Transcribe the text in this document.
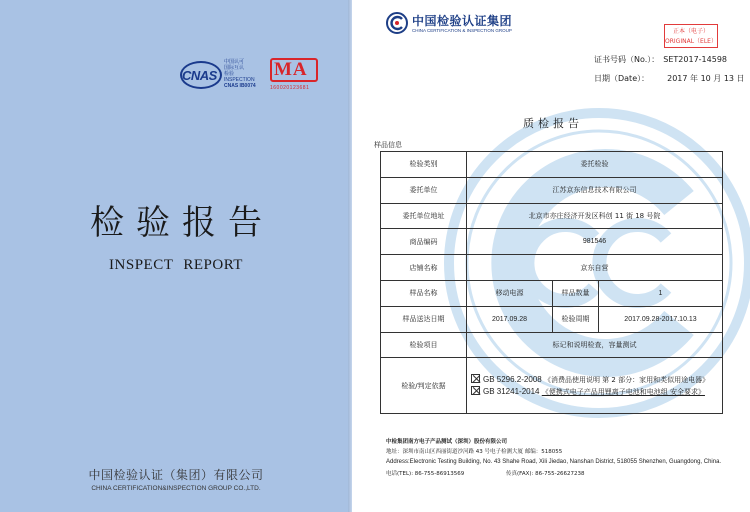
CNAS
中国认可
国际互认
检验
INSPECTION
CNAS IB0074
MA
160020123681
检验报告
INSPECT REPORT
中国检验认证（集团）有限公司
CHINA CERTIFICATION&INSPECTION GROUP CO.,LTD.
中国检验认证集团
CHINA CERTIFICATION & INSPECTION GROUP	正本（电子）
ORIGINAL（ELE）
证书号码（No.）： SET2017-14598
日期（Date）： 2017 年 10 月 13 日
质检报告
样品信息
检验类别	委托检验		
委托单位	江苏京东信息技术有限公司		
委托单位地址	北京市亦庄经济开发区科创 11 街 18 号院		
商品编码	981546		
店铺名称	京东自营		
样品名称	移动电源	样品数量	1
样品送达日期	2017.09.28	检验周期	2017.09.28-2017.10.13
检验项目	标记和说明检查，容量测试		
检验/判定依据	GB 5296.2-2008 《消费品使用说明 第 2 部分：家用和类似用途电器》
GB 31241-2014 《便携式电子产品用锂离子电池和电池组 安全要求》		
中检集团南方电子产品测试（深圳）股份有限公司
地址：深圳市南山区西丽街道沙河路 43 号电子检测大厦 邮编：518055
Address:Electronic Testing Building, No. 43 Shahe Road, Xili Jiedao, Nanshan District, 518055 Shenzhen, Guangdong, China.
电话(TEL): 86-755-86913569	传真(FAX): 86-755-26627238
